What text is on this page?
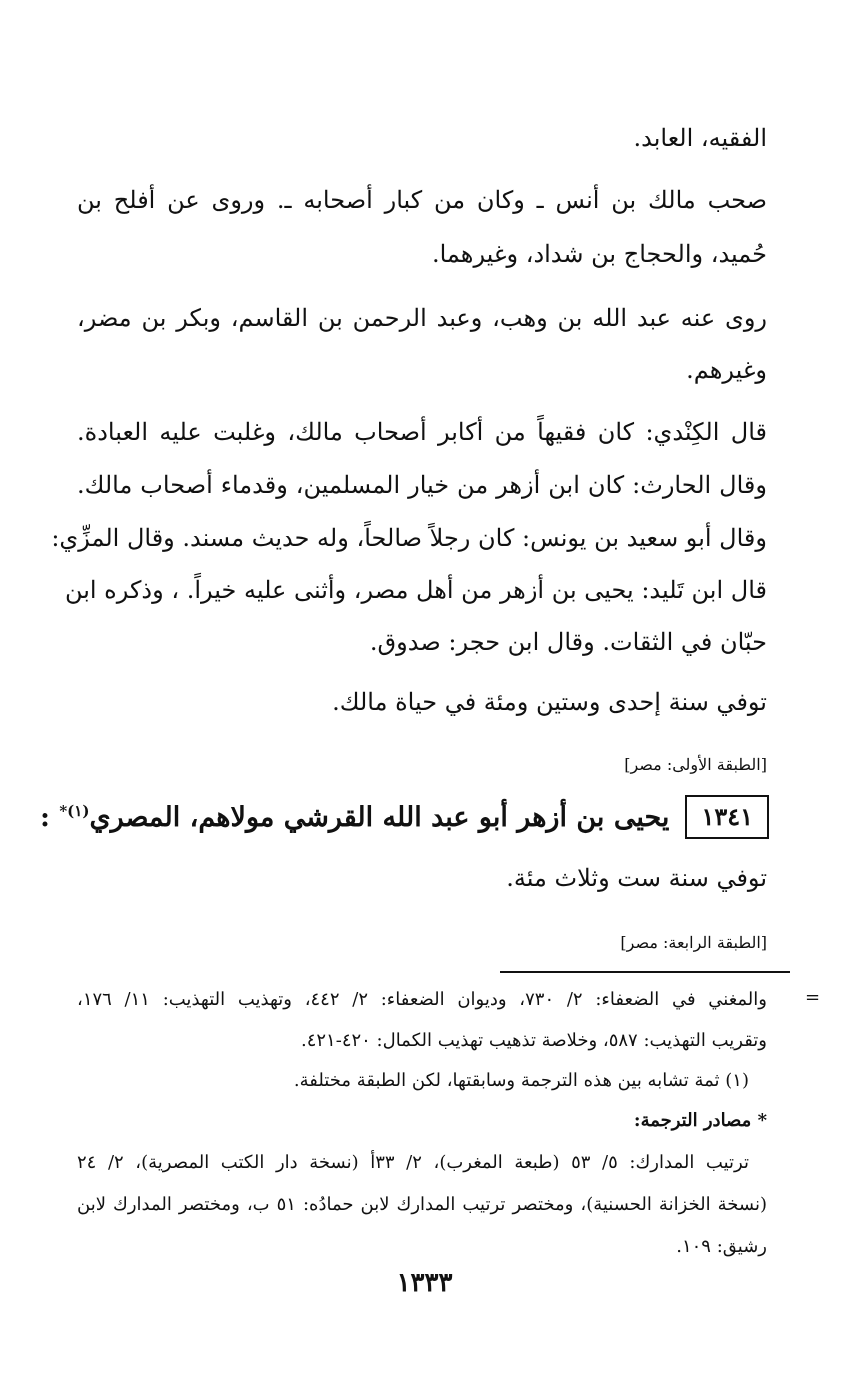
الفقيه، العابد.
صحب مالك بن أنس ـ وكان من كبار أصحابه ـ. وروى عن أفلح بن
حُميد، والحجاج بن شداد، وغيرهما.
روى عنه عبد الله بن وهب، وعبد الرحمن بن القاسم، وبكر بن مضر،
وغيرهم.
قال الكِنْدي: كان فقيهاً من أكابر أصحاب مالك، وغلبت عليه العبادة.
وقال الحارث: كان ابن أزهر من خيار المسلمين، وقدماء أصحاب مالك.
وقال أبو سعيد بن يونس: كان رجلاً صالحاً، وله حديث مسند. وقال المزِّي:
قال ابن تَليد: يحيى بن أزهر من أهل مصر، وأثنى عليه خيراً. ، وذكره ابن
حبّان في الثقات. وقال ابن حجر: صدوق.
توفي سنة إحدى وستين ومئة في حياة مالك.
[الطبقة الأولى: مصر]
١٣٤١
يحيى بن أزهر أبو عبد الله القرشي مولاهم، المصري$^{(١)*}$ :
توفي سنة ست وثلاث مئة.
[الطبقة الرابعة: مصر]
=
والمغني في الضعفاء: ٢/ ٧٣٠، وديوان الضعفاء: ٢/ ٤٤٢، وتهذيب التهذيب: ١١/ ١٧٦،
وتقريب التهذيب: ٥٨٧، وخلاصة تذهيب تهذيب الكمال: ٤٢٠-٤٢١.
(١) ثمة تشابه بين هذه الترجمة وسابقتها، لكن الطبقة مختلفة.
* مصادر الترجمة:
ترتيب المدارك: ٥/ ٥٣ (طبعة المغرب)، ٢/ ٣٣أ (نسخة دار الكتب المصرية)، ٢/ ٢٤
(نسخة الخزانة الحسنية)، ومختصر ترتيب المدارك لابن حمادُه: ٥١ ب، ومختصر المدارك لابن
رشيق: ١٠٩.
١٣٣٣
